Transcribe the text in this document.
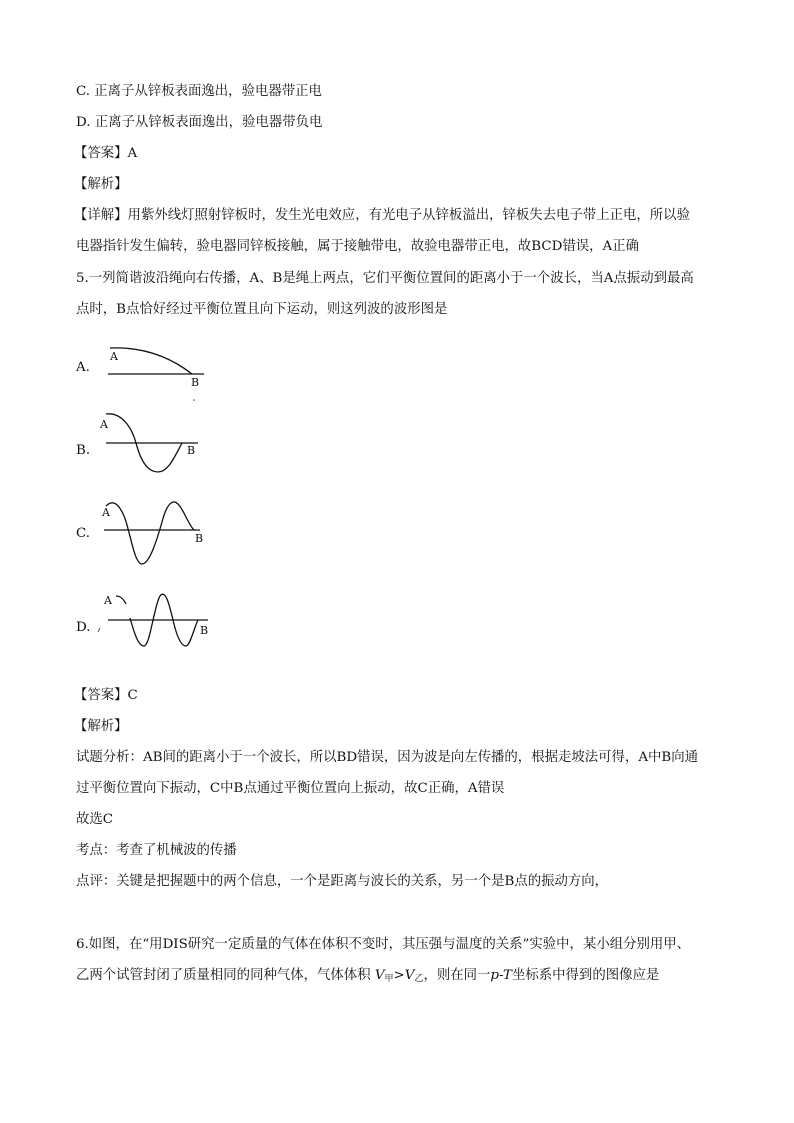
C. 正离子从锌板表面逸出，验电器带正电
D. 正离子从锌板表面逸出，验电器带负电
【答案】A
【解析】
【详解】用紫外线灯照射锌板时，发生光电效应，有光电子从锌板溢出，锌板失去电子带上正电，所以验
电器指针发生偏转，验电器同锌板接触，属于接触带电，故验电器带正电，故BCD错误，A正确
5.一列简谐波沿绳向右传播，A、B是绳上两点，它们平衡位置间的距离小于一个波长，当A点振动到最高
点时，B点恰好经过平衡位置且向下运动，则这列波的波形图是
A.
A
B
B.
A
B
C.
A
B
D.
A
B
【答案】C
【解析】
试题分析：AB间的距离小于一个波长，所以BD错误，因为波是向左传播的，根据走坡法可得，A中B向通
过平衡位置向下振动，C中B点通过平衡位置向上振动，故C正确，A错误
故选C
考点：考查了机械波的传播
点评：关键是把握题中的两个信息，一个是距离与波长的关系，另一个是B点的振动方向，
6.如图，在“用DIS研究一定质量的气体在体积不变时，其压强与温度的关系”实验中，某小组分别用甲、
乙两个试管封闭了质量相同的同种气体，气体体积 $V_甲>V_乙$，则在同一p-T坐标系中得到的图像应是
